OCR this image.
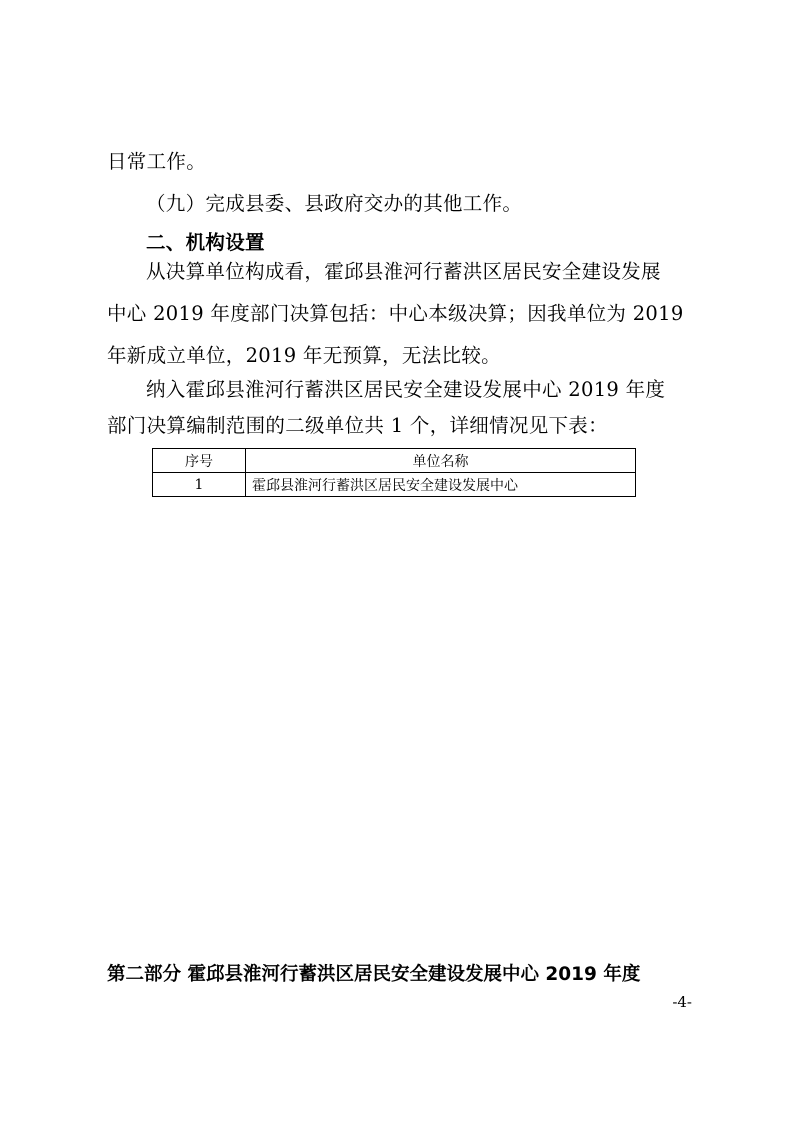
日常工作。
（九）完成县委、县政府交办的其他工作。
二、机构设置
从决算单位构成看，霍邱县淮河行蓄洪区居民安全建设发展
中心 2019 年度部门决算包括：中心本级决算；因我单位为 2019
年新成立单位，2019 年无预算，无法比较。
纳入霍邱县淮河行蓄洪区居民安全建设发展中心 2019 年度
部门决算编制范围的二级单位共 1 个，详细情况见下表：
序号	单位名称
1	霍邱县淮河行蓄洪区居民安全建设发展中心
第二部分 霍邱县淮河行蓄洪区居民安全建设发展中心 2019 年度
-4-
